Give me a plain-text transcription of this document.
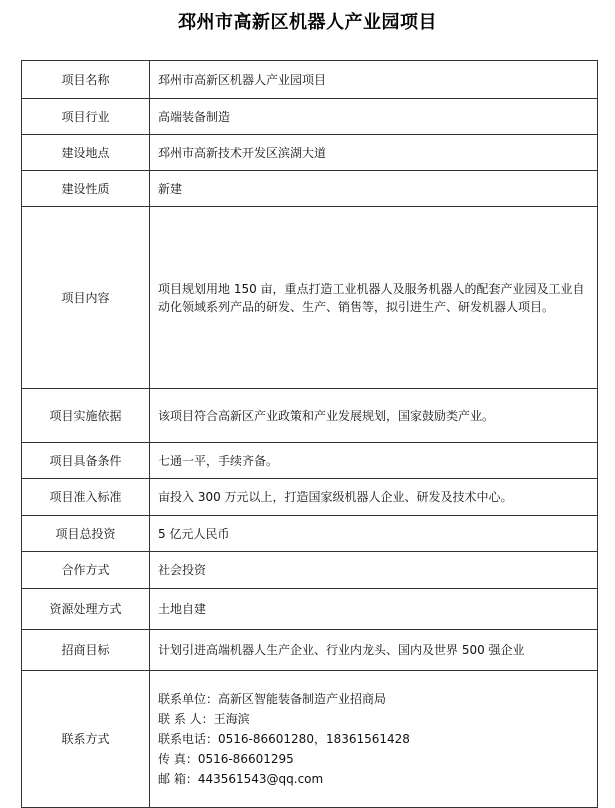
邳州市高新区机器人产业园项目
项目名称	邳州市高新区机器人产业园项目
项目行业	高端装备制造
建设地点	邳州市高新技术开发区滨湖大道
建设性质	新建
项目内容	项目规划用地 150 亩，重点打造工业机器人及服务机器人的配套产业园及工业自动化领域系列产品的研发、生产、销售等，拟引进生产、研发机器人项目。
项目实施依据	该项目符合高新区产业政策和产业发展规划，国家鼓励类产业。
项目具备条件	七通一平，手续齐备。
项目准入标准	亩投入 300 万元以上，打造国家级机器人企业、研发及技术中心。
项目总投资	5 亿元人民币
合作方式	社会投资
资源处理方式	土地自建
招商目标	计划引进高端机器人生产企业、行业内龙头、国内及世界 500 强企业
联系方式	联系单位：高新区智能装备制造产业招商局
联 系 人：王海滨
联系电话：0516-86601280，18361561428
传 真：0516-86601295
邮 箱：443561543@qq.com
